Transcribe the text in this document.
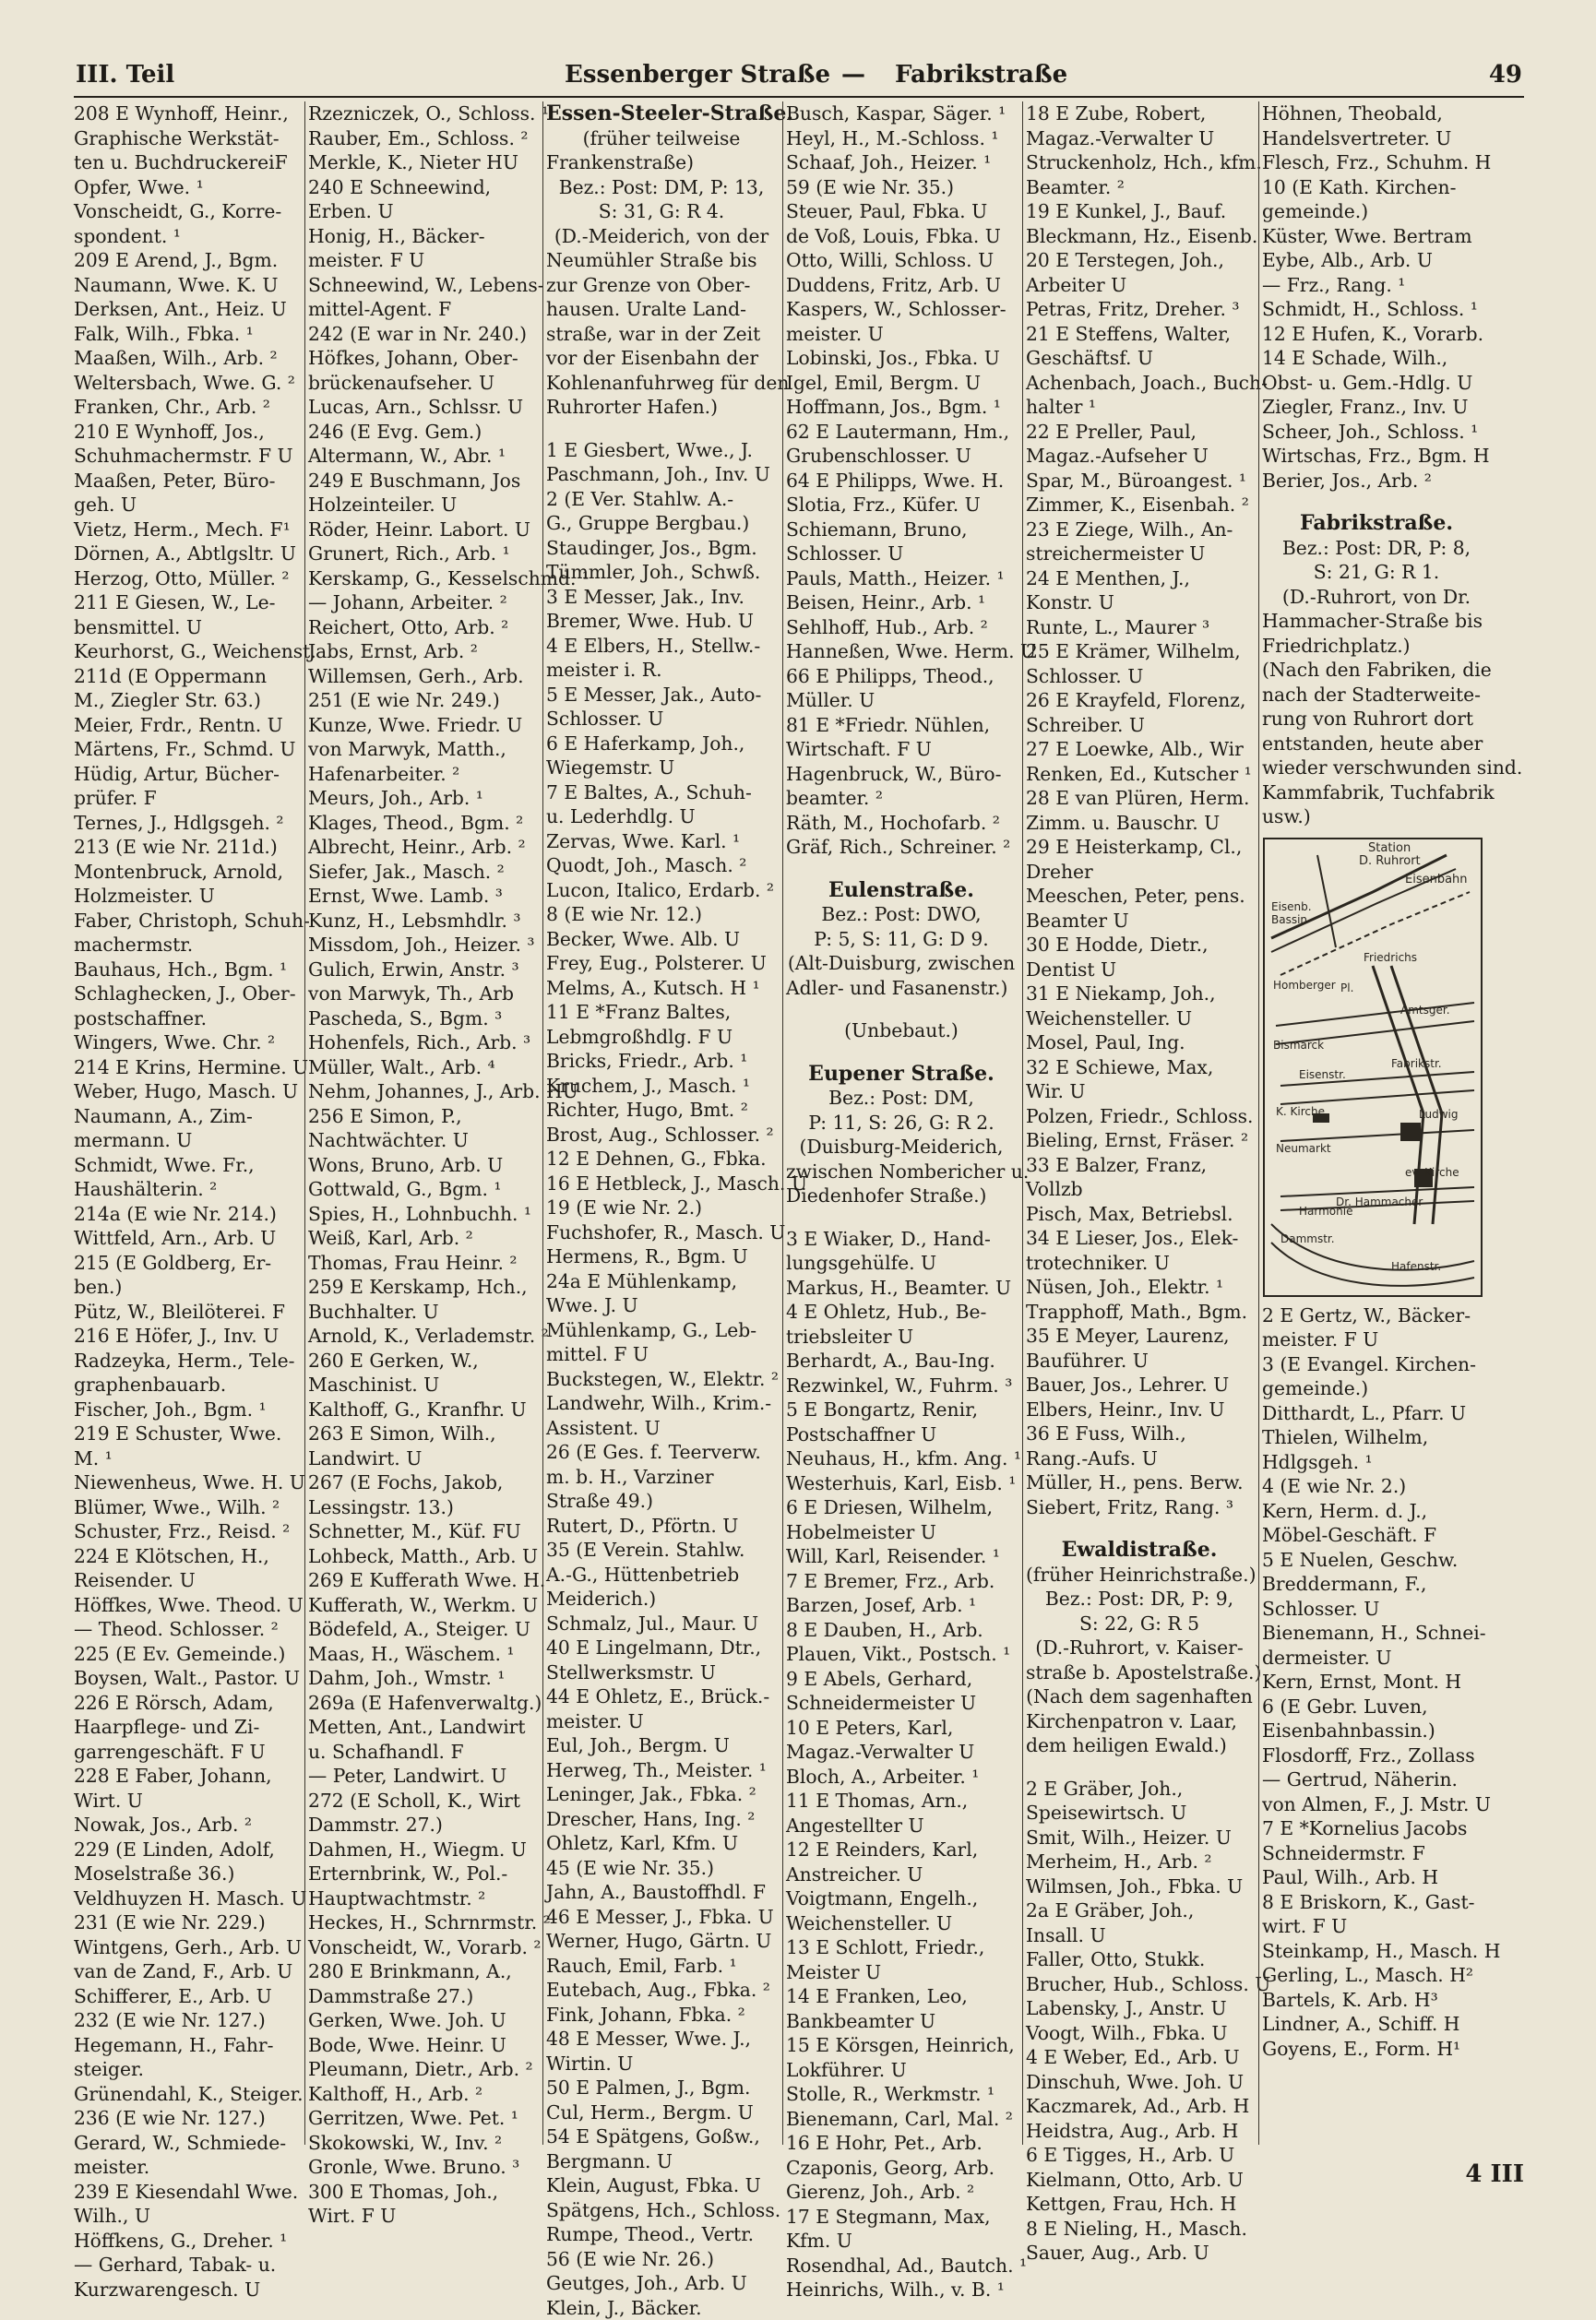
III. Teil	Essenberger Straße — Fabrikstraße	49
208 E Wynhoff, Heinr.,
Graphische Werkstät-
ten u. BuchdruckereiF
Opfer, Wwe. ¹
Vonscheidt, G., Korre-
spondent. ¹
209 E Arend, J., Bgm.
Naumann, Wwe. K. U
Derksen, Ant., Heiz. U
Falk, Wilh., Fbka. ¹
Maaßen, Wilh., Arb. ²
Weltersbach, Wwe. G. ²
Franken, Chr., Arb. ²
210 E Wynhoff, Jos.,
Schuhmachermstr. F U
Maaßen, Peter, Büro-
geh. U
Vietz, Herm., Mech. F¹
Dörnen, A., Abtlgsltr. U
Herzog, Otto, Müller. ²
211 E Giesen, W., Le-
bensmittel. U
Keurhorst, G., Weichenst.
211d (E Oppermann
M., Ziegler Str. 63.)
Meier, Frdr., Rentn. U
Märtens, Fr., Schmd. U
Hüdig, Artur, Bücher-
prüfer. F
Ternes, J., Hdlgsgeh. ²
213 (E wie Nr. 211d.)
Montenbruck, Arnold,
Holzmeister. U
Faber, Christoph, Schuh-
machermstr.
Bauhaus, Hch., Bgm. ¹
Schlaghecken, J., Ober-
postschaffner.
Wingers, Wwe. Chr. ²
214 E Krins, Hermine. U
Weber, Hugo, Masch. U
Naumann, A., Zim-
mermann. U
Schmidt, Wwe. Fr.,
Haushälterin. ²
214a (E wie Nr. 214.)
Wittfeld, Arn., Arb. U
215 (E Goldberg, Er-
ben.)
Pütz, W., Bleilöterei. F
216 E Höfer, J., Inv. U
Radzeyka, Herm., Tele-
graphenbauarb.
Fischer, Joh., Bgm. ¹
219 E Schuster, Wwe.
M. ¹
Niewenheus, Wwe. H. U
Blümer, Wwe., Wilh. ²
Schuster, Frz., Reisd. ²
224 E Klötschen, H.,
Reisender. U
Höffkes, Wwe. Theod. U
— Theod. Schlosser. ²
225 (E Ev. Gemeinde.)
Boysen, Walt., Pastor. U
226 E Rörsch, Adam,
Haarpflege- und Zi-
garrengeschäft. F U
228 E Faber, Johann,
Wirt. U
Nowak, Jos., Arb. ²
229 (E Linden, Adolf,
Moselstraße 36.)
Veldhuyzen H. Masch. U
231 (E wie Nr. 229.)
Wintgens, Gerh., Arb. U
van de Zand, F., Arb. U
Schifferer, E., Arb. U
232 (E wie Nr. 127.)
Hegemann, H., Fahr-
steiger.
Grünendahl, K., Steiger.
236 (E wie Nr. 127.)
Gerard, W., Schmiede-
meister.
239 E Kiesendahl Wwe.
Wilh., U
Höffkens, G., Dreher. ¹
— Gerhard, Tabak- u.
Kurzwarengesch. U
Rzezniczek, O., Schloss. ¹
Rauber, Em., Schloss. ²
Merkle, K., Nieter HU
240 E Schneewind,
Erben. U
Honig, H., Bäcker-
meister. F U
Schneewind, W., Lebens-
mittel-Agent. F
242 (E war in Nr. 240.)
Höfkes, Johann, Ober-
brückenaufseher. U
Lucas, Arn., Schlssr. U
246 (E Evg. Gem.)
Altermann, W., Abr. ¹
249 E Buschmann, Jos
Holzeinteiler. U
Röder, Heinr. Labort. U
Grunert, Rich., Arb. ¹
Kerskamp, G., Kesselschmd. ¹
— Johann, Arbeiter. ²
Reichert, Otto, Arb. ²
Jabs, Ernst, Arb. ²
Willemsen, Gerh., Arb.
251 (E wie Nr. 249.)
Kunze, Wwe. Friedr. U
von Marwyk, Matth.,
Hafenarbeiter. ²
Meurs, Joh., Arb. ¹
Klages, Theod., Bgm. ²
Albrecht, Heinr., Arb. ²
Siefer, Jak., Masch. ²
Ernst, Wwe. Lamb. ³
Kunz, H., Lebsmhdlr. ³
Missdom, Joh., Heizer. ³
Gulich, Erwin, Anstr. ³
von Marwyk, Th., Arb
Pascheda, S., Bgm. ³
Hohenfels, Rich., Arb. ³
Müller, Walt., Arb. ⁴
Nehm, Johannes, J., Arb. HU
256 E Simon, P.,
Nachtwächter. U
Wons, Bruno, Arb. U
Gottwald, G., Bgm. ¹
Spies, H., Lohnbuchh. ¹
Weiß, Karl, Arb. ²
Thomas, Frau Heinr. ²
259 E Kerskamp, Hch.,
Buchhalter. U
Arnold, K., Verlademstr. ²
260 E Gerken, W.,
Maschinist. U
Kalthoff, G., Kranfhr. U
263 E Simon, Wilh.,
Landwirt. U
267 (E Fochs, Jakob,
Lessingstr. 13.)
Schnetter, M., Küf. FU
Lohbeck, Matth., Arb. U
269 E Kufferath Wwe. H.
Kufferath, W., Werkm. U
Bödefeld, A., Steiger. U
Maas, H., Wäschem. ¹
Dahm, Joh., Wmstr. ¹
269a (E Hafenverwaltg.)
Metten, Ant., Landwirt
u. Schafhandl. F
— Peter, Landwirt. U
272 (E Scholl, K., Wirt
Dammstr. 27.)
Dahmen, H., Wiegm. U
Erternbrink, W., Pol.-
Hauptwachtmstr. ²
Heckes, H., Schrnrmstr. ²
Vonscheidt, W., Vorarb. ²
280 E Brinkmann, A.,
Dammstraße 27.)
Gerken, Wwe. Joh. U
Bode, Wwe. Heinr. U
Pleumann, Dietr., Arb. ²
Kalthoff, H., Arb. ²
Gerritzen, Wwe. Pet. ¹
Skokowski, W., Inv. ²
Gronle, Wwe. Bruno. ³
300 E Thomas, Joh.,
Wirt. F U
Essen-Steeler-Straße.
(früher teilweise
Frankenstraße)
Bez.: Post: DM, P: 13,
S: 31, G: R 4.
(D.-Meiderich, von der
Neumühler Straße bis
zur Grenze von Ober-
hausen. Uralte Land-
straße, war in der Zeit
vor der Eisenbahn der
Kohlenanfuhrweg für den
Ruhrorter Hafen.)
1 E Giesbert, Wwe., J.
Paschmann, Joh., Inv. U
2 (E Ver. Stahlw. A.-
G., Gruppe Bergbau.)
Staudinger, Jos., Bgm.
Tümmler, Joh., Schwß.
3 E Messer, Jak., Inv.
Bremer, Wwe. Hub. U
4 E Elbers, H., Stellw.-
meister i. R.
5 E Messer, Jak., Auto-
Schlosser. U
6 E Haferkamp, Joh.,
Wiegemstr. U
7 E Baltes, A., Schuh-
u. Lederhdlg. U
Zervas, Wwe. Karl. ¹
Quodt, Joh., Masch. ²
Lucon, Italico, Erdarb. ²
8 (E wie Nr. 12.)
Becker, Wwe. Alb. U
Frey, Eug., Polsterer. U
Melms, A., Kutsch. H ¹
11 E *Franz Baltes,
Lebmgroßhdlg. F U
Bricks, Friedr., Arb. ¹
Kruchem, J., Masch. ¹
Richter, Hugo, Bmt. ²
Brost, Aug., Schlosser. ²
12 E Dehnen, G., Fbka.
16 E Hetbleck, J., Masch. U
19 (E wie Nr. 2.)
Fuchshofer, R., Masch. U
Hermens, R., Bgm. U
24a E Mühlenkamp,
Wwe. J. U
Mühlenkamp, G., Leb-
mittel. F U
Buckstegen, W., Elektr. ²
Landwehr, Wilh., Krim.-
Assistent. U
26 (E Ges. f. Teerverw.
m. b. H., Varziner
Straße 49.)
Rutert, D., Pförtn. U
35 (E Verein. Stahlw.
A.-G., Hüttenbetrieb
Meiderich.)
Schmalz, Jul., Maur. U
40 E Lingelmann, Dtr.,
Stellwerksmstr. U
44 E Ohletz, E., Brück.-
meister. U
Eul, Joh., Bergm. U
Herweg, Th., Meister. ¹
Leninger, Jak., Fbka. ²
Drescher, Hans, Ing. ²
Ohletz, Karl, Kfm. U
45 (E wie Nr. 35.)
Jahn, A., Baustoffhdl. F
46 E Messer, J., Fbka. U
Werner, Hugo, Gärtn. U
Rauch, Emil, Farb. ¹
Eutebach, Aug., Fbka. ²
Fink, Johann, Fbka. ²
48 E Messer, Wwe. J.,
Wirtin. U
50 E Palmen, J., Bgm.
Cul, Herm., Bergm. U
54 E Spätgens, Goßw.,
Bergmann. U
Klein, August, Fbka. U
Spätgens, Hch., Schloss.
Rumpe, Theod., Vertr.
56 (E wie Nr. 26.)
Geutges, Joh., Arb. U
Klein, J., Bäcker.
Busch, Kaspar, Säger. ¹
Heyl, H., M.-Schloss. ¹
Schaaf, Joh., Heizer. ¹
59 (E wie Nr. 35.)
Steuer, Paul, Fbka. U
de Voß, Louis, Fbka. U
Otto, Willi, Schloss. U
Duddens, Fritz, Arb. U
Kaspers, W., Schlosser-
meister. U
Lobinski, Jos., Fbka. U
Igel, Emil, Bergm. U
Hoffmann, Jos., Bgm. ¹
62 E Lautermann, Hm.,
Grubenschlosser. U
64 E Philipps, Wwe. H.
Slotia, Frz., Küfer. U
Schiemann, Bruno,
Schlosser. U
Pauls, Matth., Heizer. ¹
Beisen, Heinr., Arb. ¹
Sehlhoff, Hub., Arb. ²
Hanneßen, Wwe. Herm. U
66 E Philipps, Theod.,
Müller. U
81 E *Friedr. Nühlen,
Wirtschaft. F U
Hagenbruck, W., Büro-
beamter. ²
Räth, M., Hochofarb. ²
Gräf, Rich., Schreiner. ²
Eulenstraße.
Bez.: Post: DWO,
P: 5, S: 11, G: D 9.
(Alt-Duisburg, zwischen
Adler- und Fasanenstr.)
(Unbebaut.)
Eupener Straße.
Bez.: Post: DM,
P: 11, S: 26, G: R 2.
(Duisburg-Meiderich,
zwischen Nombericher u.
Diedenhofer Straße.)
3 E Wiaker, D., Hand-
lungsgehülfe. U
Markus, H., Beamter. U
4 E Ohletz, Hub., Be-
triebsleiter U
Berhardt, A., Bau-Ing.
Rezwinkel, W., Fuhrm. ³
5 E Bongartz, Renir,
Postschaffner U
Neuhaus, H., kfm. Ang. ¹
Westerhuis, Karl, Eisb. ¹
6 E Driesen, Wilhelm,
Hobelmeister U
Will, Karl, Reisender. ¹
7 E Bremer, Frz., Arb.
Barzen, Josef, Arb. ¹
8 E Dauben, H., Arb.
Plauen, Vikt., Postsch. ¹
9 E Abels, Gerhard,
Schneidermeister U
10 E Peters, Karl,
Magaz.-Verwalter U
Bloch, A., Arbeiter. ¹
11 E Thomas, Arn.,
Angestellter U
12 E Reinders, Karl,
Anstreicher. U
Voigtmann, Engelh.,
Weichensteller. U
13 E Schlott, Friedr.,
Meister U
14 E Franken, Leo,
Bankbeamter U
15 E Körsgen, Heinrich,
Lokführer. U
Stolle, R., Werkmstr. ¹
Bienemann, Carl, Mal. ²
16 E Hohr, Pet., Arb.
Czaponis, Georg, Arb.
Gierenz, Joh., Arb. ²
17 E Stegmann, Max,
Kfm. U
Rosendhal, Ad., Bautch. ¹
Heinrichs, Wilh., v. B. ¹
18 E Zube, Robert,
Magaz.-Verwalter U
Struckenholz, Hch., kfm.
Beamter. ²
19 E Kunkel, J., Bauf.
Bleckmann, Hz., Eisenb.
20 E Terstegen, Joh.,
Arbeiter U
Petras, Fritz, Dreher. ³
21 E Steffens, Walter,
Geschäftsf. U
Achenbach, Joach., Buch-
halter ¹
22 E Preller, Paul,
Magaz.-Aufseher U
Spar, M., Büroangest. ¹
Zimmer, K., Eisenbah. ²
23 E Ziege, Wilh., An-
streichermeister U
24 E Menthen, J.,
Konstr. U
Runte, L., Maurer ³
25 E Krämer, Wilhelm,
Schlosser. U
26 E Krayfeld, Florenz,
Schreiber. U
27 E Loewke, Alb., Wir
Renken, Ed., Kutscher ¹
28 E van Plüren, Herm.
Zimm. u. Bauschr. U
29 E Heisterkamp, Cl.,
Dreher
Meeschen, Peter, pens.
Beamter U
30 E Hodde, Dietr.,
Dentist U
31 E Niekamp, Joh.,
Weichensteller. U
Mosel, Paul, Ing.
32 E Schiewe, Max,
Wir. U
Polzen, Friedr., Schloss.
Bieling, Ernst, Fräser. ²
33 E Balzer, Franz,
Vollzb
Pisch, Max, Betriebsl.
34 E Lieser, Jos., Elek-
trotechniker. U
Nüsen, Joh., Elektr. ¹
Trapphoff, Math., Bgm.
35 E Meyer, Laurenz,
Bauführer. U
Bauer, Jos., Lehrer. U
Elbers, Heinr., Inv. U
36 E Fuss, Wilh.,
Rang.-Aufs. U
Müller, H., pens. Berw.
Siebert, Fritz, Rang. ³
Ewaldistraße.
(früher Heinrichstraße.)
Bez.: Post: DR, P: 9,
S: 22, G: R 5
(D.-Ruhrort, v. Kaiser-
straße b. Apostelstraße.)
(Nach dem sagenhaften
Kirchenpatron v. Laar,
dem heiligen Ewald.)
2 E Gräber, Joh.,
Speisewirtsch. U
Smit, Wilh., Heizer. U
Merheim, H., Arb. ²
Wilmsen, Joh., Fbka. U
2a E Gräber, Joh.,
Insall. U
Faller, Otto, Stukk.
Brucher, Hub., Schloss. U
Labensky, J., Anstr. U
Voogt, Wilh., Fbka. U
4 E Weber, Ed., Arb. U
Dinschuh, Wwe. Joh. U
Kaczmarek, Ad., Arb. H
Heidstra, Aug., Arb. H
6 E Tigges, H., Arb. U
Kielmann, Otto, Arb. U
Kettgen, Frau, Hch. H
8 E Nieling, H., Masch.
Sauer, Aug., Arb. U
Höhnen, Theobald,
Handelsvertreter. U
Flesch, Frz., Schuhm. H
10 (E Kath. Kirchen-
gemeinde.)
Küster, Wwe. Bertram
Eybe, Alb., Arb. U
— Frz., Rang. ¹
Schmidt, H., Schloss. ¹
12 E Hufen, K., Vorarb.
14 E Schade, Wilh.,
Obst- u. Gem.-Hdlg. U
Ziegler, Franz., Inv. U
Scheer, Joh., Schloss. ¹
Wirtschas, Frz., Bgm. H
Berier, Jos., Arb. ²
Fabrikstraße.
Bez.: Post: DR, P: 8,
S: 21, G: R 1.
(D.-Ruhrort, von Dr.
Hammacher-Straße bis
Friedrichplatz.)
(Nach den Fabriken, die
nach der Stadterweite-
rung von Ruhrort dort
entstanden, heute aber
wieder verschwunden sind.
Kammfabrik, Tuchfabrik
usw.)
Station
D. Ruhrort
Eisenb.
Bassin
Eisenbahn
Friedrichs
Homberger Pl.
Amtsger.
Bismarck
Eisenstr.
K. Kirche	Ludwig
Neumarkt
ev. Kirche
Dr. Hammacher
Harmonie
Fabrikstr.
Dammstr.
Hafenstr.
2 E Gertz, W., Bäcker-
meister. F U
3 (E Evangel. Kirchen-
gemeinde.)
Ditthardt, L., Pfarr. U
Thielen, Wilhelm,
Hdlgsgeh. ¹
4 (E wie Nr. 2.)
Kern, Herm. d. J.,
Möbel-Geschäft. F
5 E Nuelen, Geschw.
Breddermann, F.,
Schlosser. U
Bienemann, H., Schnei-
dermeister. U
Kern, Ernst, Mont. H
6 (E Gebr. Luven,
Eisenbahnbassin.)
Flosdorff, Frz., Zollass
— Gertrud, Näherin.
von Almen, F., J. Mstr. U
7 E *Kornelius Jacobs
Schneidermstr. F
Paul, Wilh., Arb. H
8 E Briskorn, K., Gast-
wirt. F U
Steinkamp, H., Masch. H
Gerling, L., Masch. H²
Bartels, K. Arb. H³
Lindner, A., Schiff. H
Goyens, E., Form. H¹
4 III
